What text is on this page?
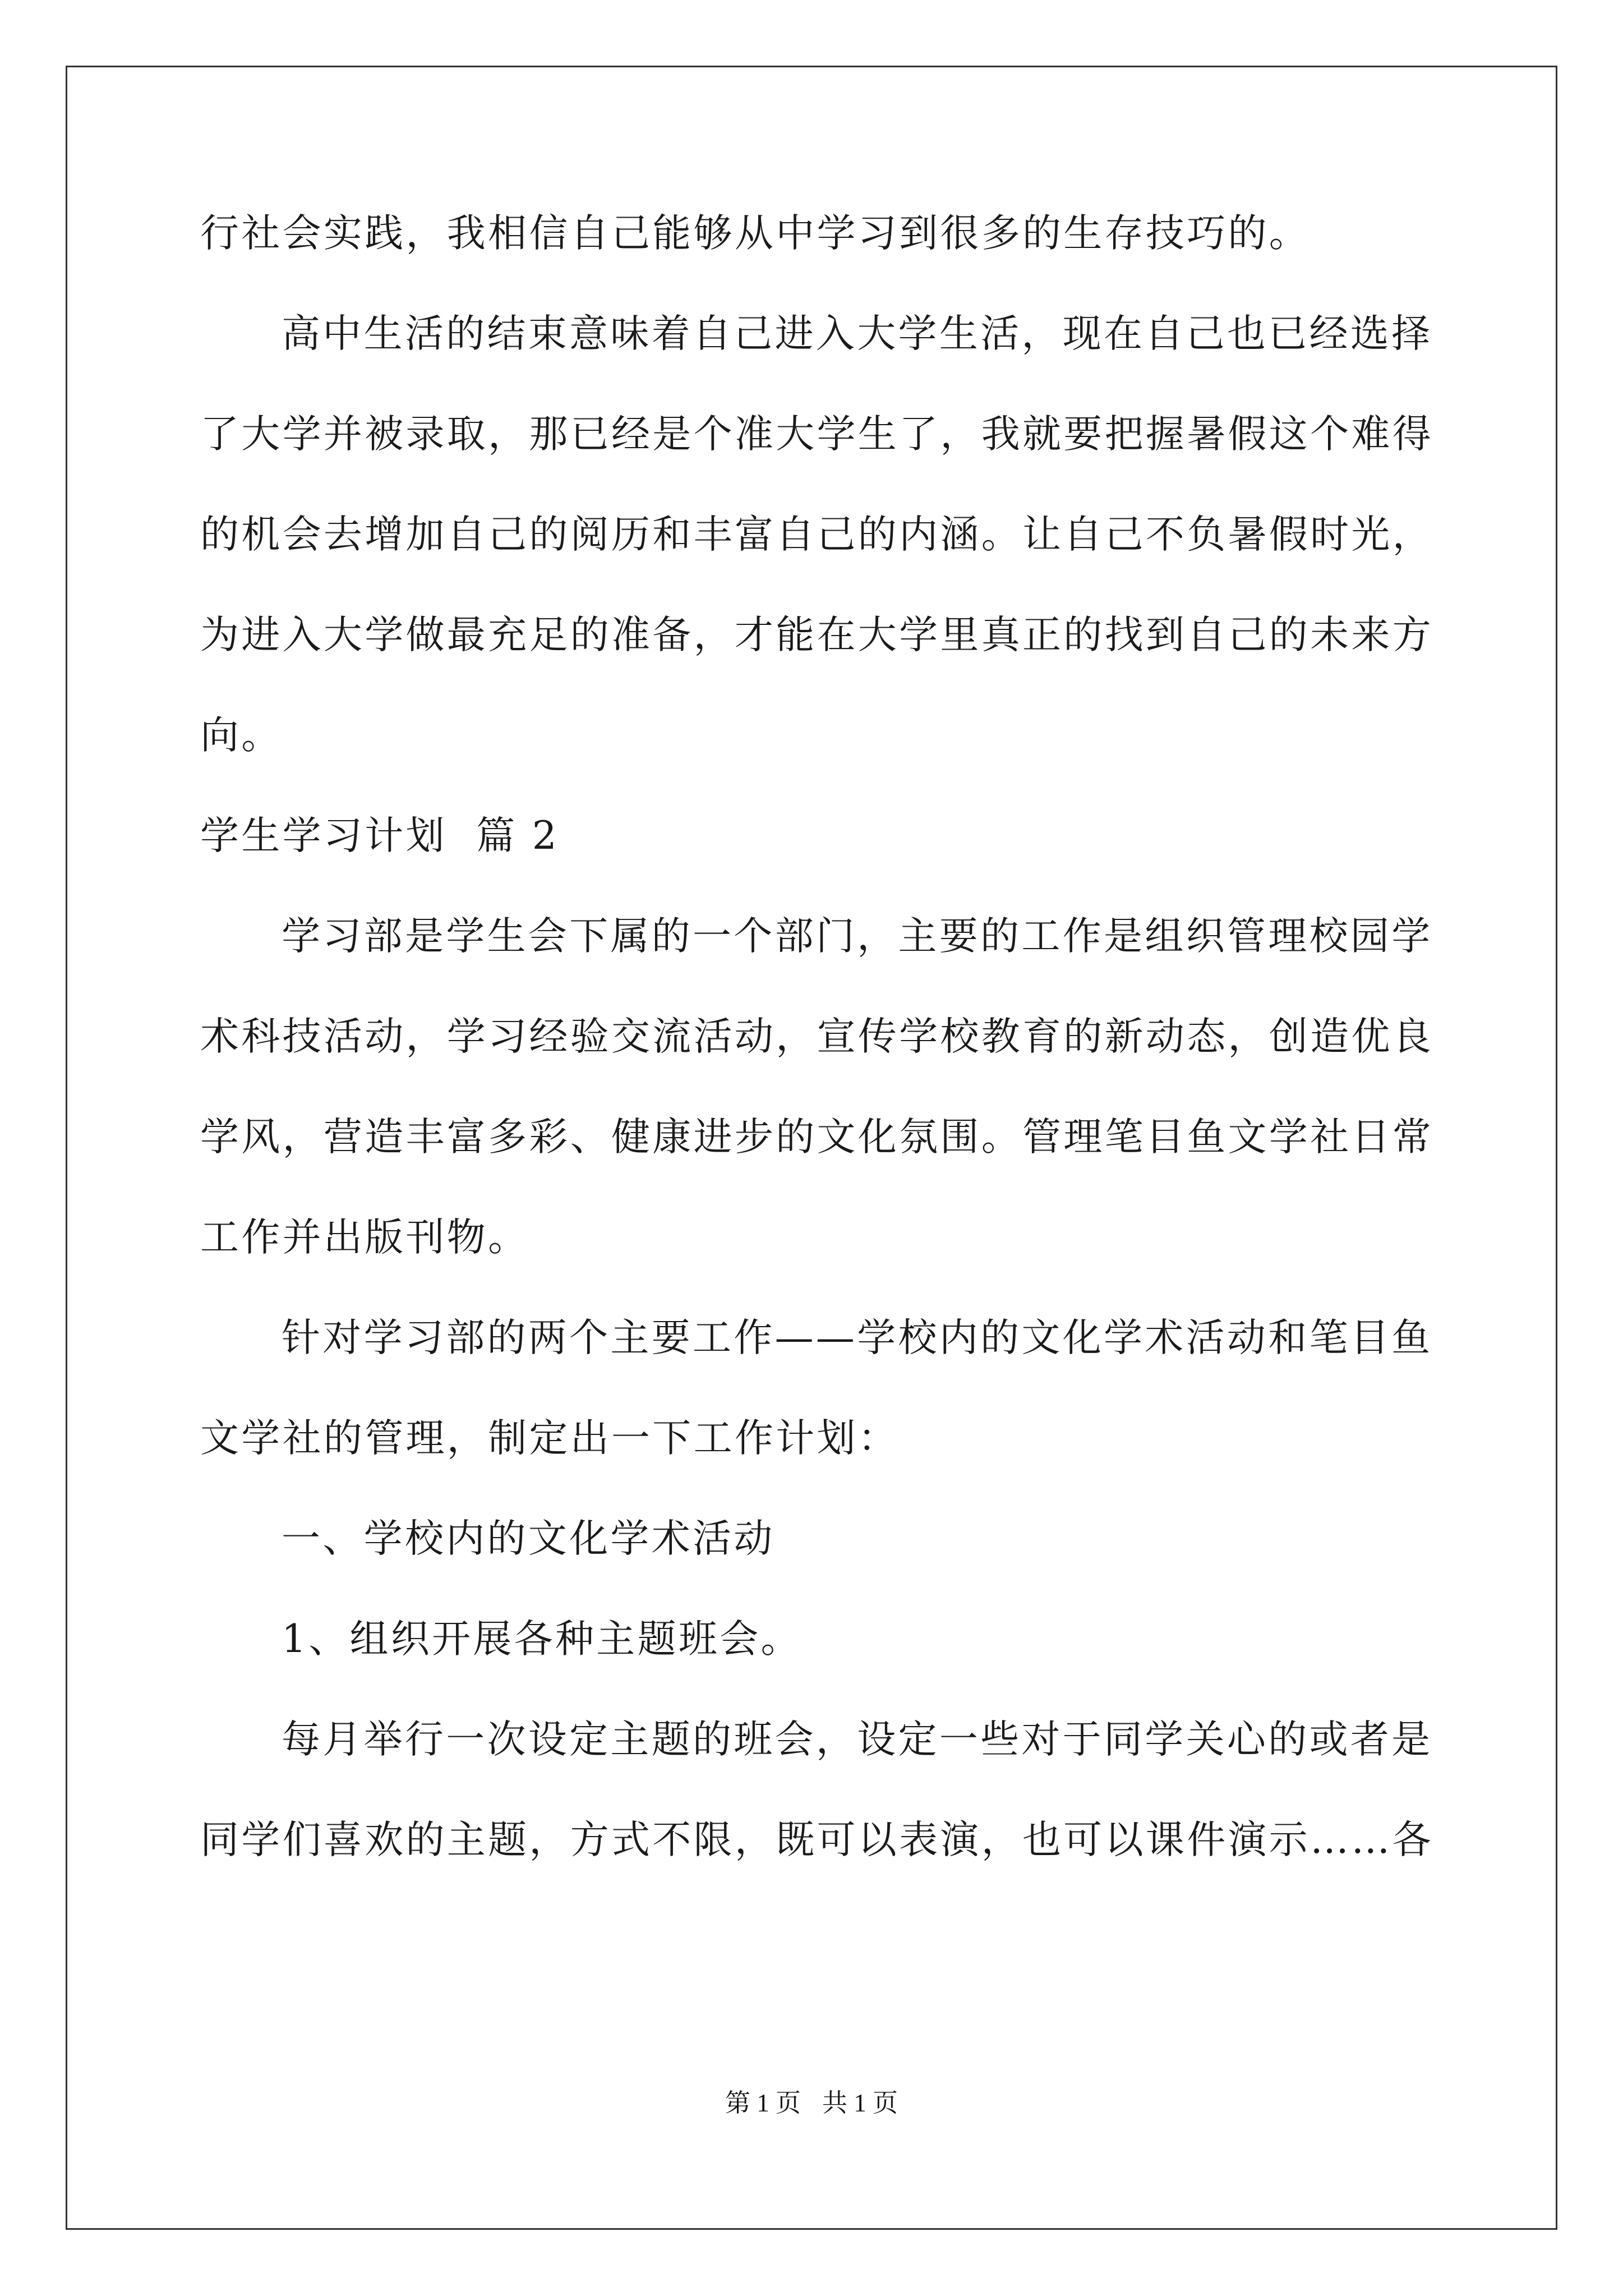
行社会实践，我相信自己能够从中学习到很多的生存技巧的。

高中生活的结束意味着自己进入大学生活，现在自己也已经选择

了大学并被录取，那已经是个准大学生了，我就要把握暑假这个难得

的机会去增加自己的阅历和丰富自己的内涵。让自己不负暑假时光，

为进入大学做最充足的准备，才能在大学里真正的找到自己的未来方

向。

学生学习计划  篇 2

学习部是学生会下属的一个部门，主要的工作是组织管理校园学

术科技活动，学习经验交流活动，宣传学校教育的新动态，创造优良

学风，营造丰富多彩、健康进步的文化氛围。管理笔目鱼文学社日常

工作并出版刊物。

针对学习部的两个主要工作——学校内的文化学术活动和笔目鱼

文学社的管理，制定出一下工作计划：

一、学校内的文化学术活动

1、组织开展各种主题班会。

每月举行一次设定主题的班会，设定一些对于同学关心的或者是

同学们喜欢的主题，方式不限，既可以表演，也可以课件演示……各

第 1 页 共 1 页
